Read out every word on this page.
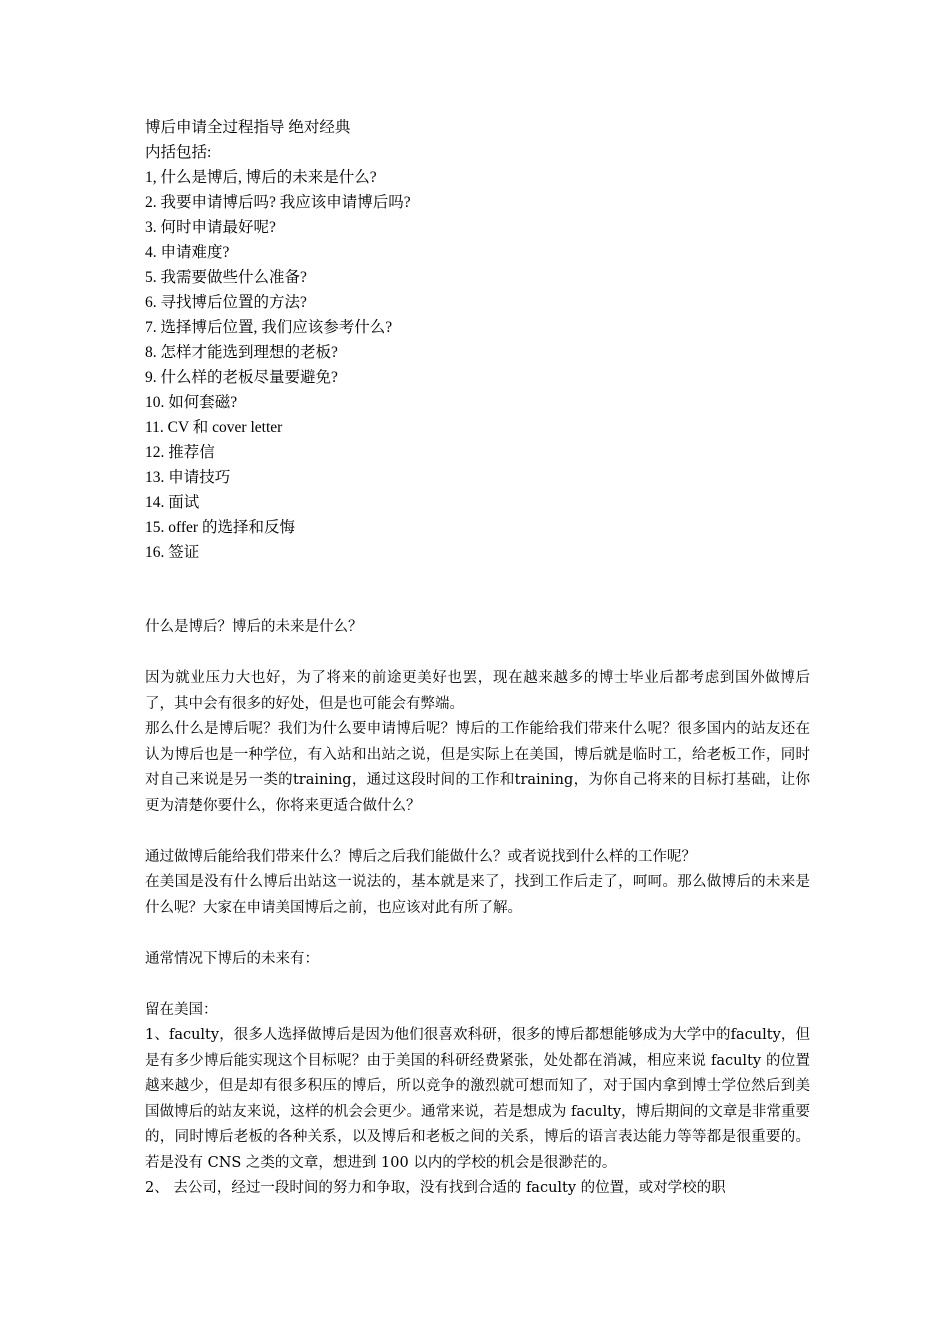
博后申请全过程指导 绝对经典
内括包括:
1, 什么是博后, 博后的未来是什么?
2. 我要申请博后吗? 我应该申请博后吗?
3. 何时申请最好呢?
4. 申请难度?
5. 我需要做些什么准备?
6. 寻找博后位置的方法?
7. 选择博后位置, 我们应该参考什么?
8. 怎样才能选到理想的老板?
9. 什么样的老板尽量要避免?
10. 如何套磁?
11. CV 和 cover letter
12. 推荐信
13. 申请技巧
14. 面试
15. offer 的选择和反悔
16. 签证
什么是博后？博后的未来是什么？
因为就业压力大也好，为了将来的前途更美好也罢，现在越来越多的博士毕业后都考虑到国外做博后了，其中会有很多的好处，但是也可能会有弊端。
那么什么是博后呢？我们为什么要申请博后呢？博后的工作能给我们带来什么呢？很多国内的站友还在认为博后也是一种学位，有入站和出站之说，但是实际上在美国，博后就是临时工，给老板工作，同时对自己来说是另一类的training，通过这段时间的工作和training，为你自己将来的目标打基础，让你更为清楚你要什么，你将来更适合做什么？
通过做博后能给我们带来什么？博后之后我们能做什么？或者说找到什么样的工作呢？
在美国是没有什么博后出站这一说法的，基本就是来了，找到工作后走了，呵呵。那么做博后的未来是什么呢？大家在申请美国博后之前，也应该对此有所了解。
通常情况下博后的未来有：
留在美国：
1、faculty，很多人选择做博后是因为他们很喜欢科研，很多的博后都想能够成为大学中的faculty，但是有多少博后能实现这个目标呢？由于美国的科研经费紧张，处处都在消减，相应来说 faculty 的位置越来越少，但是却有很多积压的博后，所以竞争的激烈就可想而知了，对于国内拿到博士学位然后到美国做博后的站友来说，这样的机会会更少。通常来说，若是想成为 faculty，博后期间的文章是非常重要的，同时博后老板的各种关系，以及博后和老板之间的关系，博后的语言表达能力等等都是很重要的。若是没有 CNS 之类的文章，想进到 100 以内的学校的机会是很渺茫的。
2、 去公司，经过一段时间的努力和争取，没有找到合适的 faculty 的位置，或对学校的职
